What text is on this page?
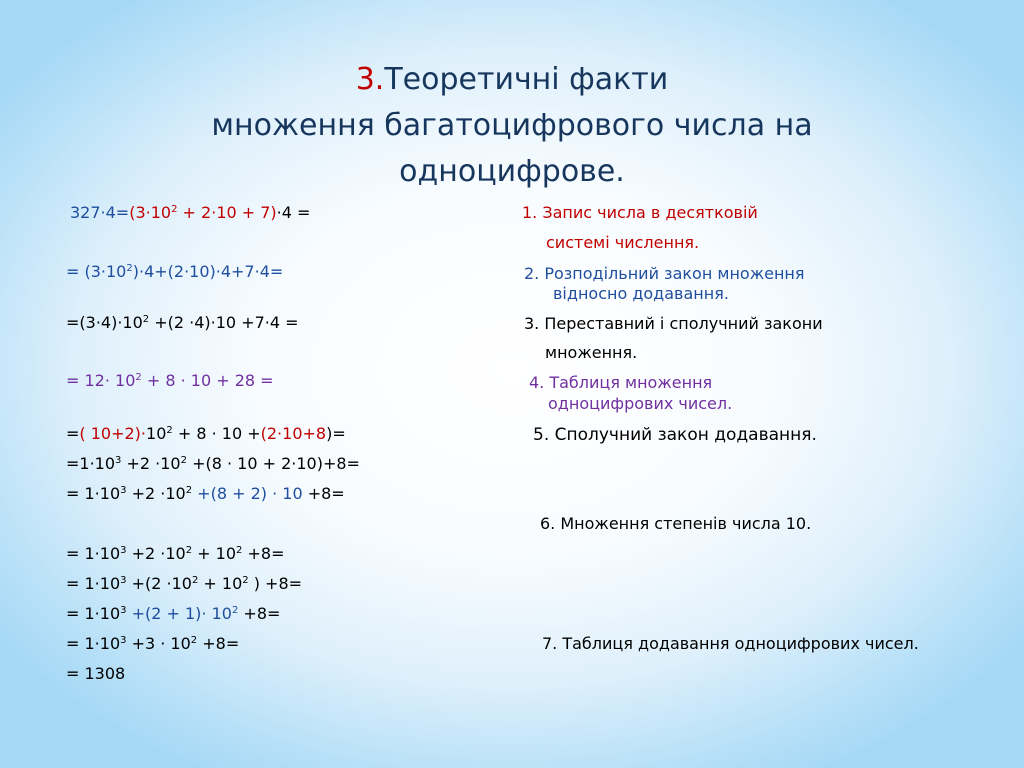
3.Теоретичні факти
множення багатоцифрового числа на
одноцифрове.
$327\cdot 4=(3\cdot 10^2 + 2\cdot 10 + 7)\cdot 4$ =
= $(3\cdot 10^2)\cdot 4+(2\cdot 10)\cdot 4+7\cdot 4=$
$=(3\cdot 4)\cdot 10^2 +(2 \cdot 4)\cdot 10 +7\cdot 4$ =
= $12\cdot 10^2 + 8 \cdot 10 + 28$ =
=( $10+2)\cdot 10^2 + 8 \cdot 10 +(2\cdot 10+8)=$
$=1\cdot 10^3 +2 \cdot 10^2 +(8 \cdot 10 + 2\cdot 10)+8=$
= $1\cdot 10^3 +2 \cdot 10^2 +(8 + 2) \cdot 10 +8=$
= $1\cdot 10^3 +2 \cdot 10^2 + 10^2 +8=$
= $1\cdot 10^3 +(2 \cdot 10^2 + 10^2$ ) +8=
= $1\cdot 10^3 +(2 + 1)\cdot 10^2 +8=$
= $1\cdot 10^3 +3 \cdot 10^2 +8=$
= 1308
1. Запис числа в десятковій
системі числення.
2. Розподільний закон множення
відносно додавання.
3. Переставний і сполучний закони
множення.
4. Таблиця множення
одноцифрових чисел.
5. Сполучний закон додавання.
6. Множення степенів числа 10.
7. Таблиця додавання одноцифрових чисел.
